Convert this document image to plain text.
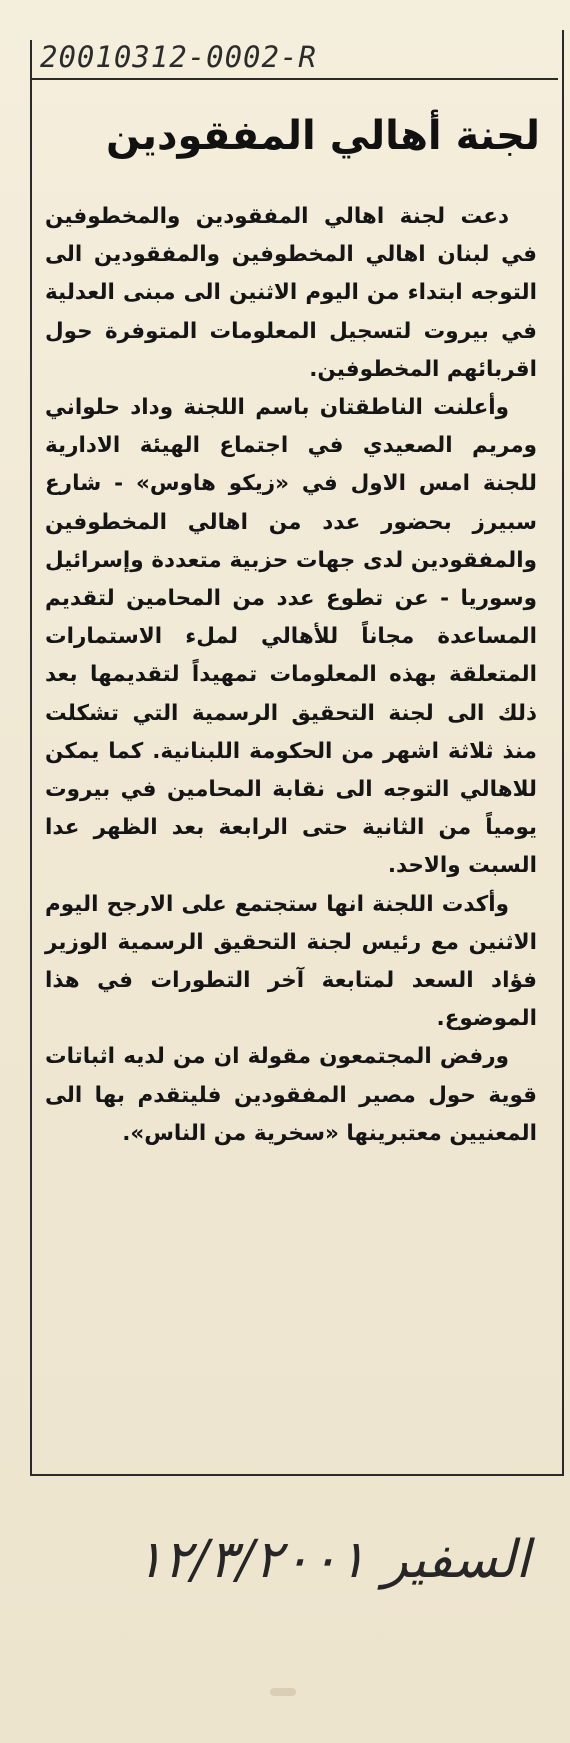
20010312-0002-R
لجنة أهالي المفقودين

دعت لجنة اهالي المفقودين والمخطوفين في لبنان اهالي المخطوفين والمفقودين الى التوجه ابتداء من اليوم الاثنين الى مبنى العدلية في بيروت لتسجيل المعلومات المتوفرة حول اقربائهم المخطوفين.

وأعلنت الناطقتان باسم اللجنة وداد حلواني ومريم الصعيدي في اجتماع الهيئة الادارية للجنة امس الاول في «زيكو هاوس» - شارع سبيرز بحضور عدد من اهالي المخطوفين والمفقودين لدى جهات حزبية متعددة وإسرائيل وسوريا - عن تطوع عدد من المحامين لتقديم المساعدة مجاناً للأهالي لملء الاستمارات المتعلقة بهذه المعلومات تمهيداً لتقديمها بعد ذلك الى لجنة التحقيق الرسمية التي تشكلت منذ ثلاثة اشهر من الحكومة اللبنانية. كما يمكن للاهالي التوجه الى نقابة المحامين في بيروت يومياً من الثانية حتى الرابعة بعد الظهر عدا السبت والاحد.

وأكدت اللجنة انها ستجتمع على الارجح اليوم الاثنين مع رئيس لجنة التحقيق الرسمية الوزير فؤاد السعد لمتابعة آخر التطورات في هذا الموضوع.

ورفض المجتمعون مقولة ان من لديه اثباتات قوية حول مصير المفقودين فليتقدم بها الى المعنيين معتبرينها «سخرية من الناس».

السفير ١٢/٣/٢٠٠١
